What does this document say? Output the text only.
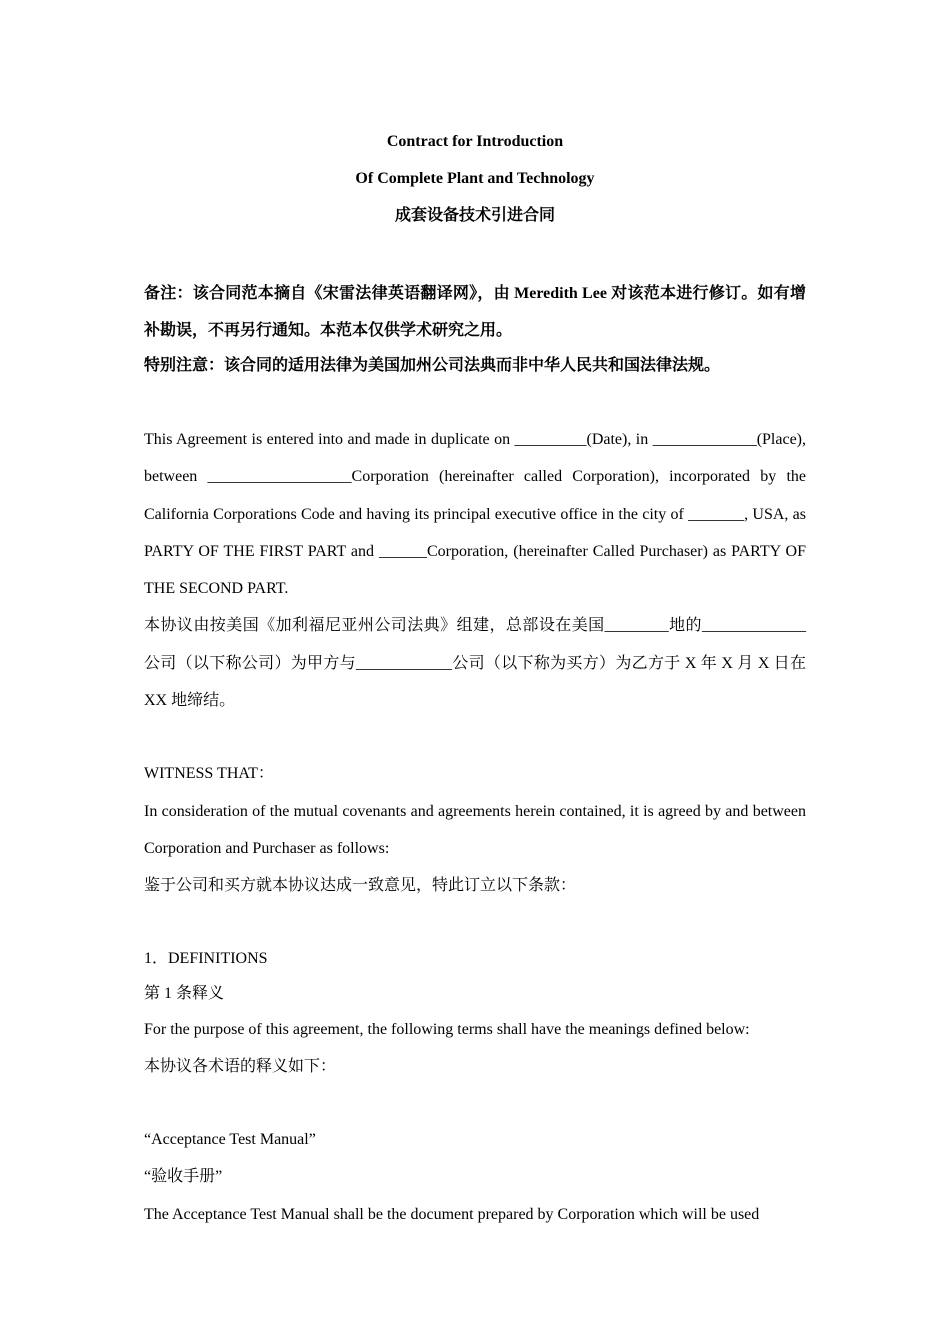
Contract for Introduction

Of Complete Plant and Technology

成套设备技术引进合同

备注：该合同范本摘自《宋雷法律英语翻译网》，由 Meredith Lee 对该范本进行修订。如有增补勘误，不再另行通知。本范本仅供学术研究之用。

特别注意：该合同的适用法律为美国加州公司法典而非中华人民共和国法律法规。

This Agreement is entered into and made in duplicate on _________(Date), in _____________(Place), between __________________Corporation (hereinafter called Corporation), incorporated by the California Corporations Code and having its principal executive office in the city of _______, USA, as PARTY OF THE FIRST PART and ______Corporation, (hereinafter Called Purchaser) as PARTY OF THE SECOND PART.

本协议由按美国《加利福尼亚州公司法典》组建，总部设在美国________地的_____________公司（以下称公司）为甲方与____________公司（以下称为买方）为乙方于 X 年 X 月 X 日在 XX 地缔结。

WITNESS THAT：

In consideration of the mutual covenants and agreements herein contained, it is agreed by and between Corporation and Purchaser as follows:

鉴于公司和买方就本协议达成一致意见，特此订立以下条款：

1．DEFINITIONS

第 1 条释义

For the purpose of this agreement, the following terms shall have the meanings defined below:

本协议各术语的释义如下：

“Acceptance Test Manual”

“验收手册”

The Acceptance Test Manual shall be the document prepared by Corporation which will be used
